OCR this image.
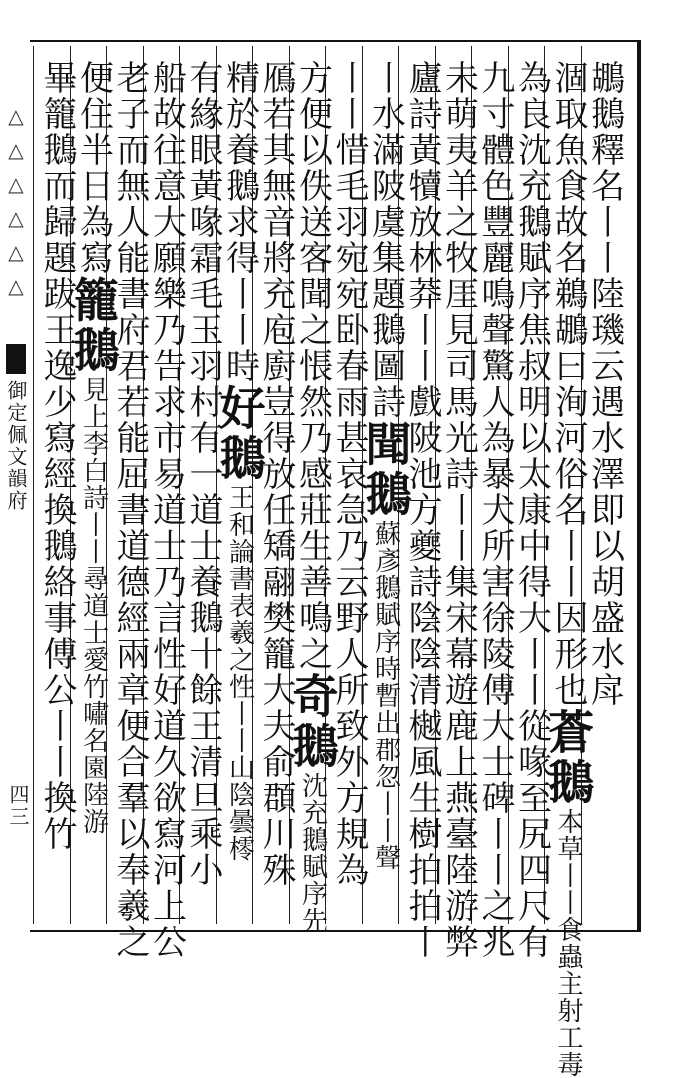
△△△△△△
御定佩文韻府
四三
鶘鵝釋名丨丨陸璣云遇水澤即以胡盛水戽
涸取魚食故名鵜鶘曰洵河俗名丨丨因形也蒼鵝本草丨丨食蟲主射工毒
為良沈充鵝賦序焦叔明以太康中得大丨丨從喙至尻四尺有
九寸體色豐麗鳴聲驚人為暴犬所害徐陵傅大士碑丨丨之兆
未萌夷羊之牧厓見司馬光詩丨丨集宋幕遊鹿上燕臺陸游弊
廬詩黃犢放林莽丨丨戲陂池方夔詩陰陰清樾風生樹拍拍丨
丨水滿陂虞集題鵝圖詩聞鵝蘇彥鵝賦序時暫出郡忽丨丨聲
丨丨惜毛羽宛宛卧春雨甚哀急乃云野人所致外方規為
方便以佚送客聞之悵然乃感莊生善鳴之奇鵝沈充鵝賦序先
鴈若其無音將充庖廚豈得放任矯翮樊籠大夫俞頵川殊
精於養鵝求得丨丨時好鵝王和論書表羲之性丨丨山陰曇㯪
有緣眼黃喙霜毛玉羽村有一道士養鵝十餘王清旦乘小
船故往意大願樂乃告求市易道士乃言性好道久欲寫河上公
老子而無人能書府君若能屈書道德經兩章便合羣以奉羲之
便住半日為寫籠鵝見上李白詩丨丨尋道士愛竹嘯名園陸游
畢籠鵝而歸題跋王逸少寫經換鵝絡事傅公丨丨換竹
